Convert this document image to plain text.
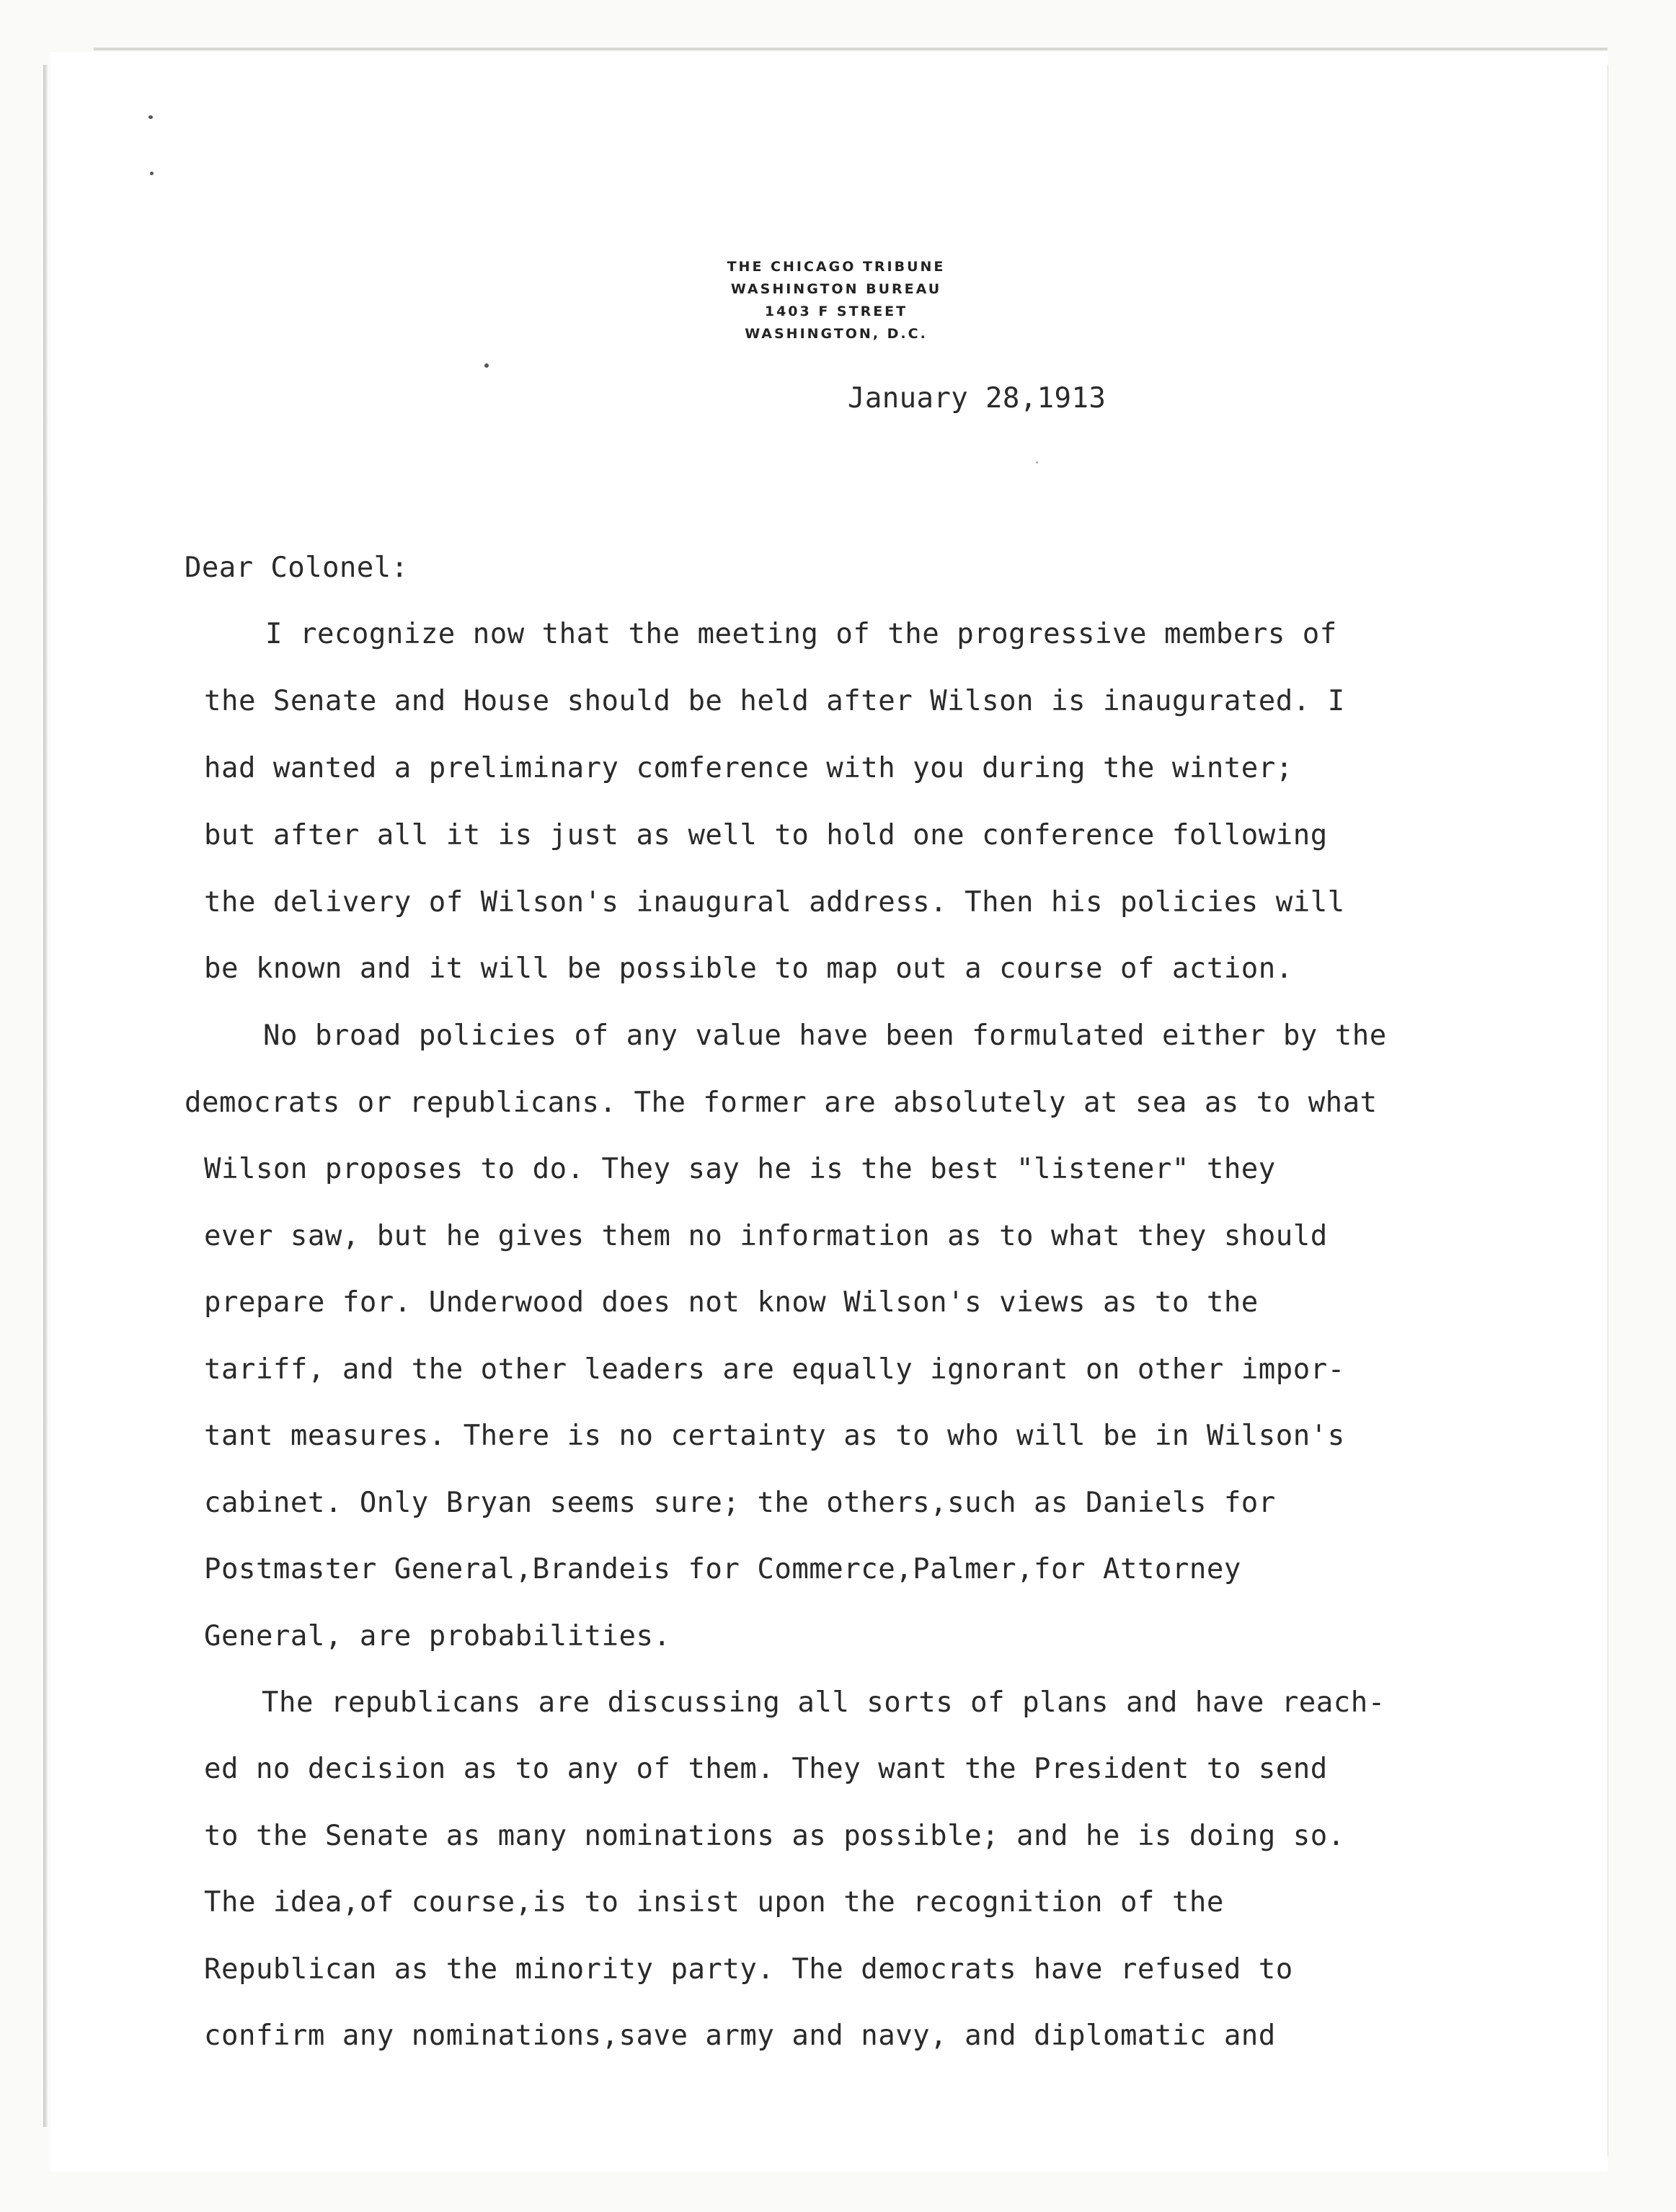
THE CHICAGO TRIBUNE
WASHINGTON BUREAU
1403 F STREET
WASHINGTON, D.C.
January 28,1913
Dear Colonel:
I recognize now that the meeting of the progressive members of
the Senate and House should be held after Wilson is inaugurated. I
had wanted a preliminary comference with you during the winter;
but after all it is just as well to hold one conference following
the delivery of Wilson's inaugural address. Then his policies will
be known and it will be possible to map out a course of action.
No broad policies of any value have been formulated either by the
democrats or republicans. The former are absolutely at sea as to what
Wilson proposes to do. They say he is the best "listener" they
ever saw, but he gives them no information as to what they should
prepare for. Underwood does not know Wilson's views as to the
tariff, and the other leaders are equally ignorant on other impor-
tant measures. There is no certainty as to who will be in Wilson's
cabinet. Only Bryan seems sure; the others,such as Daniels for
Postmaster General,Brandeis for Commerce,Palmer,for Attorney
General, are probabilities.
The republicans are discussing all sorts of plans and have reach-
ed no decision as to any of them. They want the President to send
to the Senate as many nominations as possible; and he is doing so.
The idea,of course,is to insist upon the recognition of the
Republican as the minority party. The democrats have refused to
confirm any nominations,save army and navy, and diplomatic and
